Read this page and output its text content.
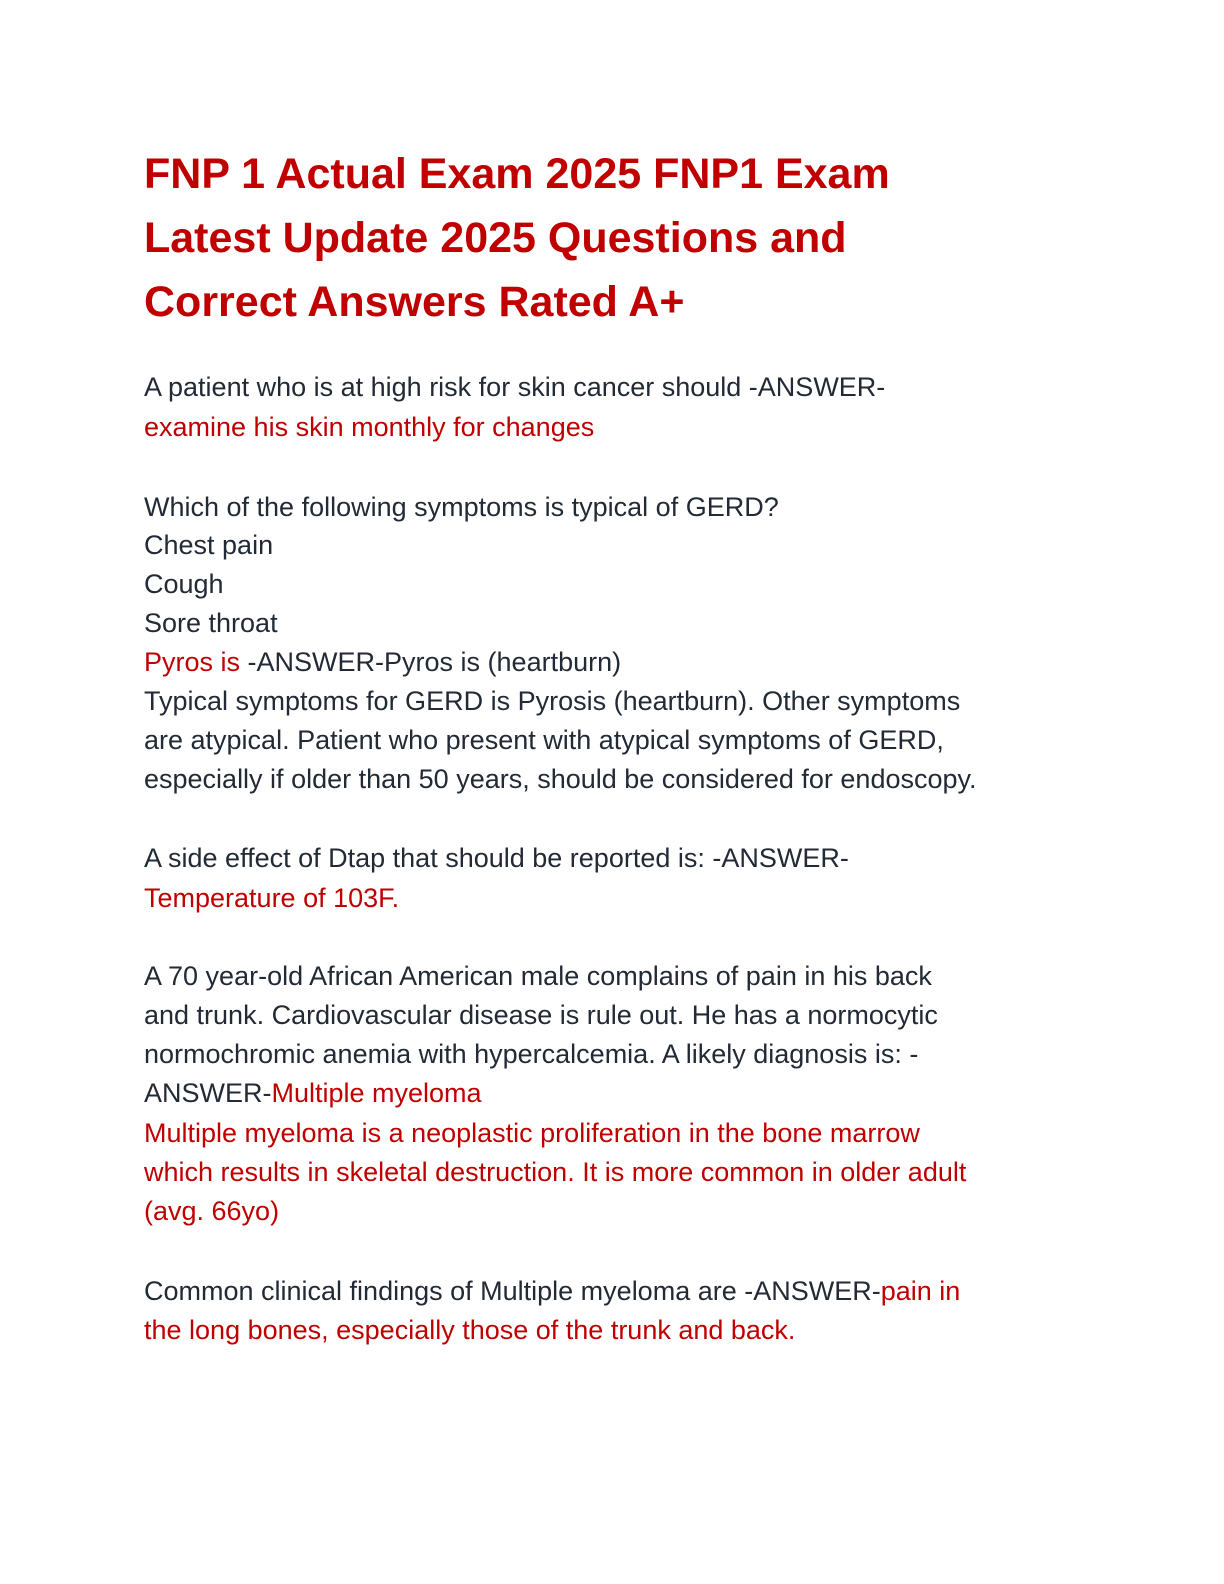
FNP 1 Actual Exam 2025 FNP1 Exam
Latest Update 2025 Questions and
Correct Answers Rated A+

A patient who is at high risk for skin cancer should -ANSWER-

examine his skin monthly for changes

Which of the following symptoms is typical of GERD?

Chest pain

Cough

Sore throat

Pyros is -ANSWER-Pyros is (heartburn)

Typical symptoms for GERD is Pyrosis (heartburn). Other symptoms

are atypical. Patient who present with atypical symptoms of GERD,

especially if older than 50 years, should be considered for endoscopy.

A side effect of Dtap that should be reported is: -ANSWER-

Temperature of 103F.

A 70 year-old African American male complains of pain in his back

and trunk. Cardiovascular disease is rule out. He has a normocytic

normochromic anemia with hypercalcemia. A likely diagnosis is: -

ANSWER-Multiple myeloma

Multiple myeloma is a neoplastic proliferation in the bone marrow

which results in skeletal destruction. It is more common in older adult

(avg. 66yo)

Common clinical findings of Multiple myeloma are -ANSWER-pain in

the long bones, especially those of the trunk and back.
